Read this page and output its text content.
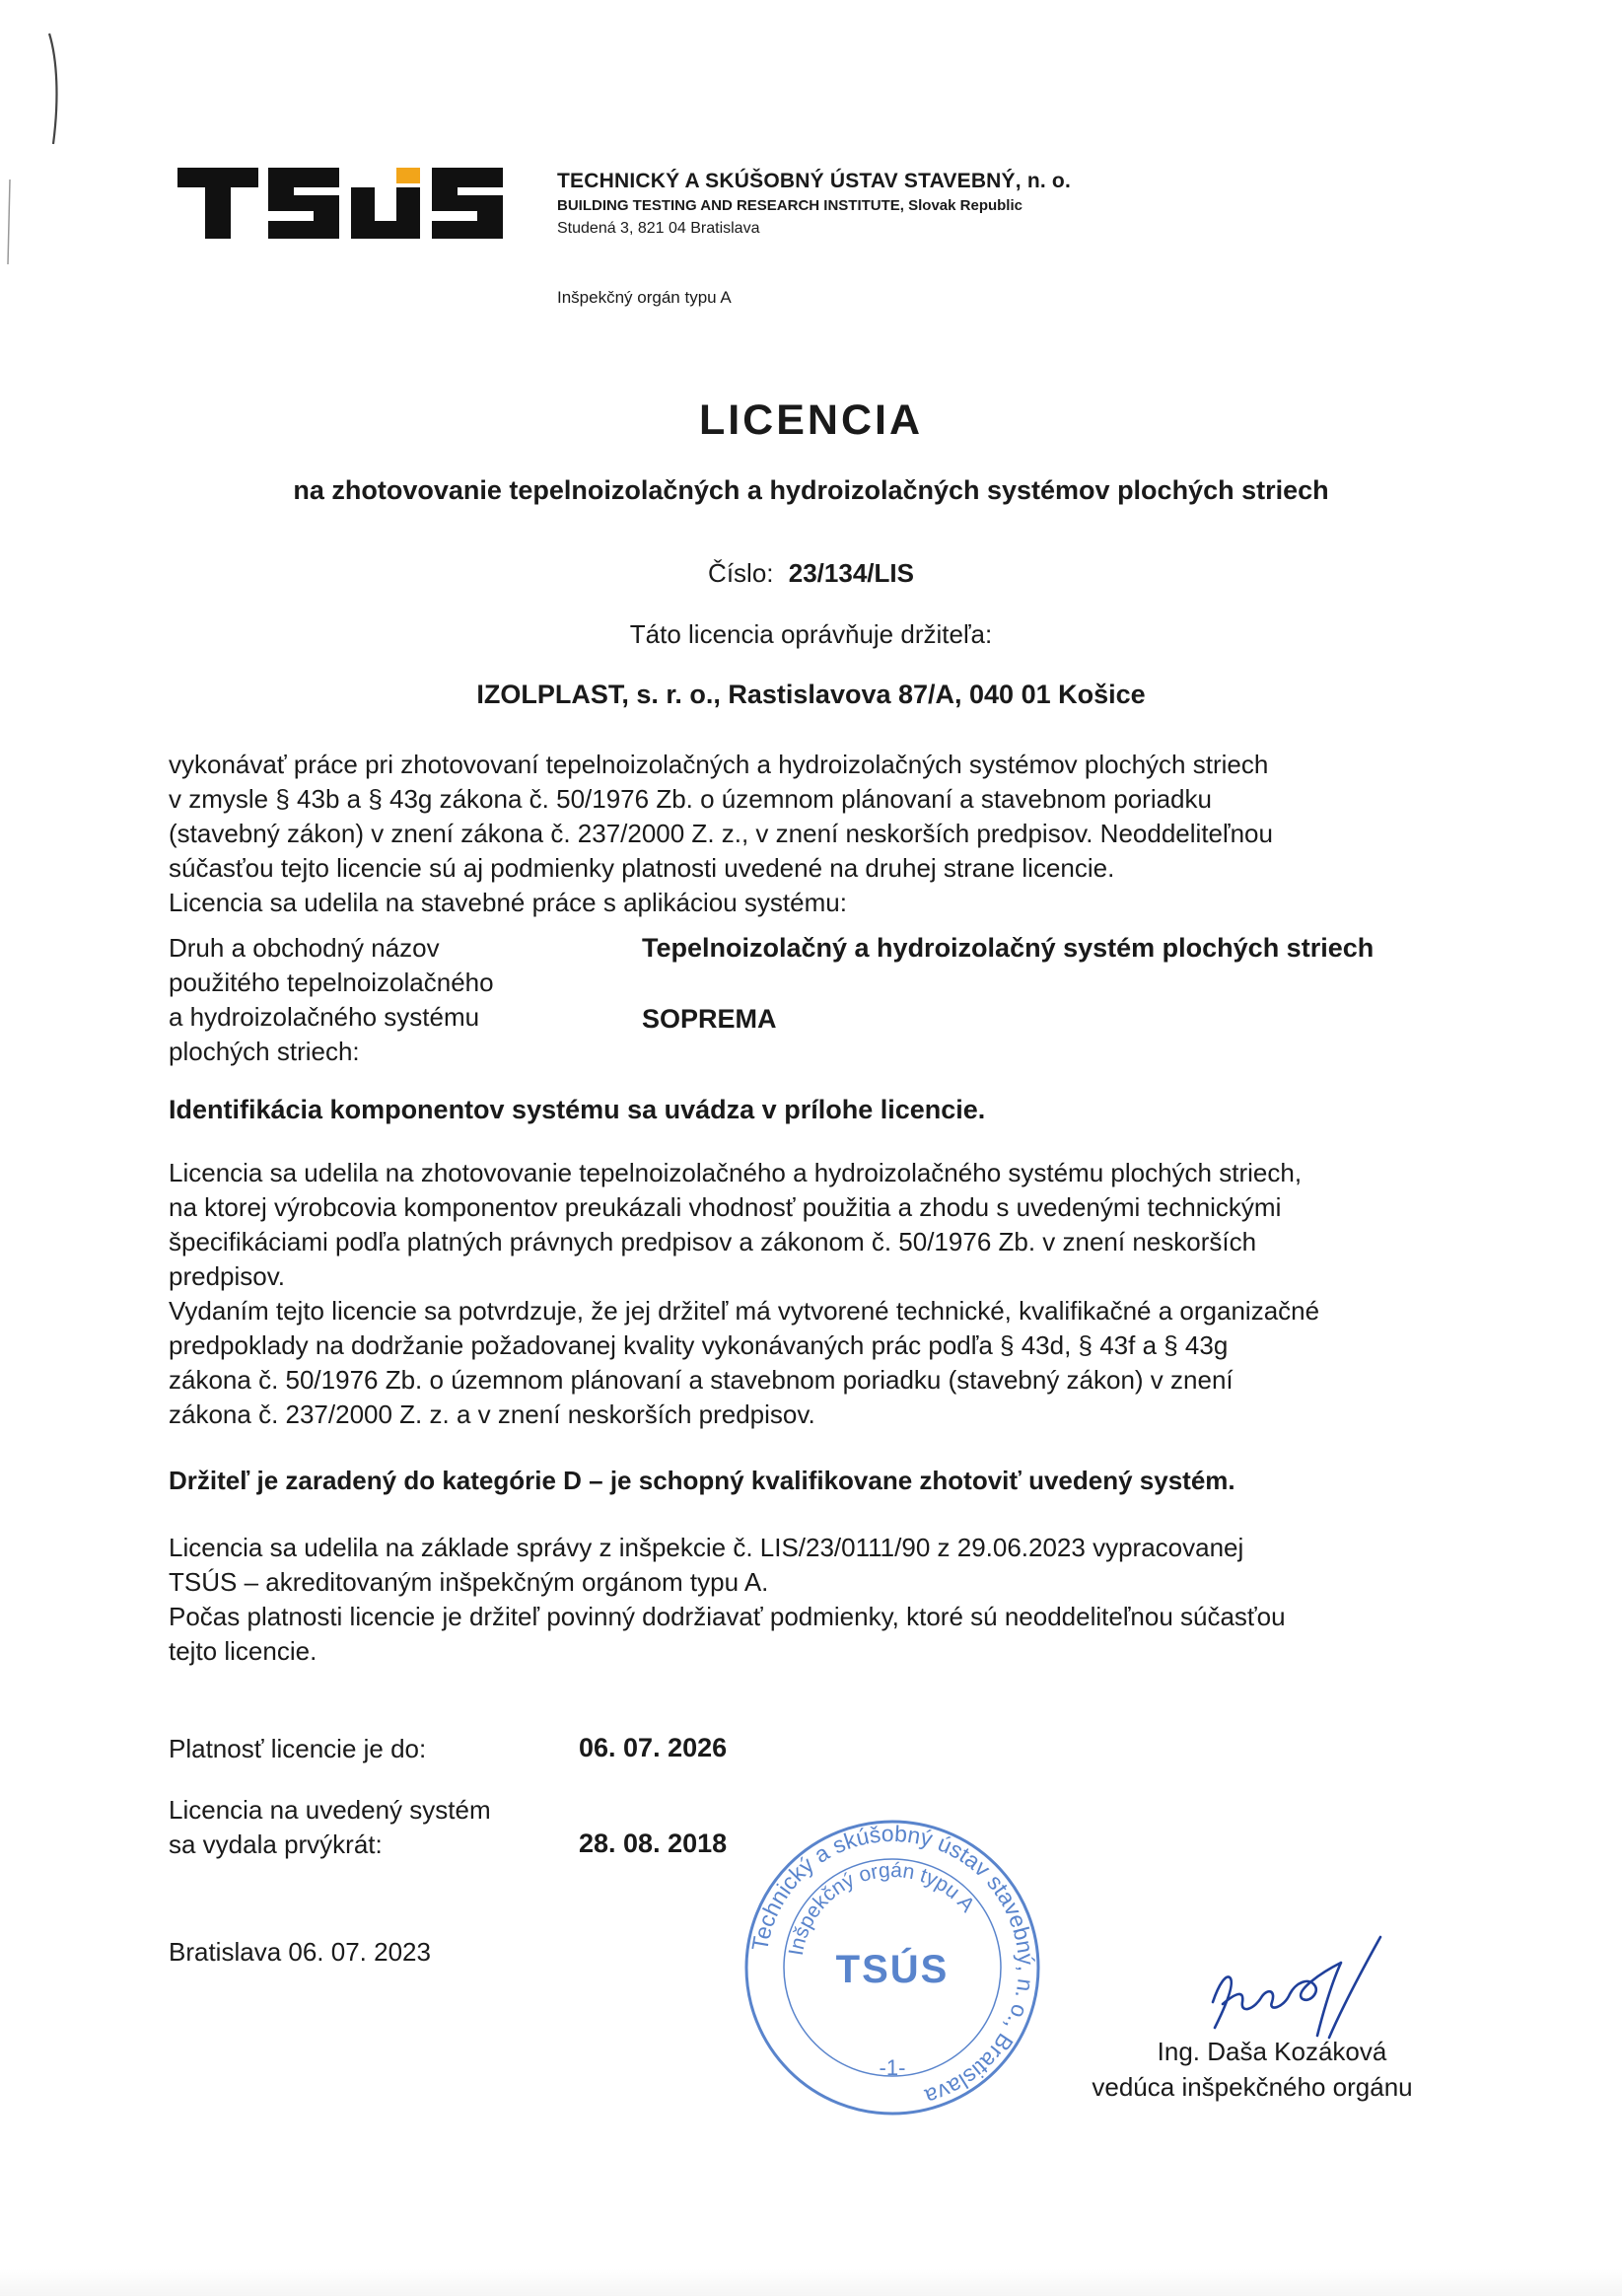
TECHNICKÝ A SKÚŠOBNÝ ÚSTAV STAVEBNÝ, n. o.
BUILDING TESTING AND RESEARCH INSTITUTE, Slovak Republic
Studená 3, 821 04 Bratislava
Inšpekčný orgán typu A
LICENCIA
na zhotovovanie tepelnoizolačných a hydroizolačných systémov plochých striech
Číslo: 23/134/LIS
Táto licencia oprávňuje držiteľa:
IZOLPLAST, s. r. o., Rastislavova 87/A, 040 01 Košice

vykonávať práce pri zhotovovaní tepelnoizolačných a hydroizolačných systémov plochých striech

v zmysle § 43b a § 43g zákona č. 50/1976 Zb. o územnom plánovaní a stavebnom poriadku

(stavebný zákon) v znení zákona č. 237/2000 Z. z., v znení neskorších predpisov. Neoddeliteľnou

súčasťou tejto licencie sú aj podmienky platnosti uvedené na druhej strane licencie.

Licencia sa udelila na stavebné práce s aplikáciou systému:

Druh a obchodný názov
použitého tepelnoizolačného
a hydroizolačného systému
plochých striech:
Tepelnoizolačný a hydroizolačný systém plochých striech
SOPREMA
Identifikácia komponentov systému sa uvádza v prílohe licencie.

Licencia sa udelila na zhotovovanie tepelnoizolačného a hydroizolačného systému plochých striech,

na ktorej výrobcovia komponentov preukázali vhodnosť použitia a zhodu s uvedenými technickými

špecifikáciami podľa platných právnych predpisov a zákonom č. 50/1976 Zb. v znení neskorších

predpisov.

Vydaním tejto licencie sa potvrdzuje, že jej držiteľ má vytvorené technické, kvalifikačné a organizačné

predpoklady na dodržanie požadovanej kvality vykonávaných prác podľa § 43d, § 43f a § 43g

zákona č. 50/1976 Zb. o územnom plánovaní a stavebnom poriadku (stavebný zákon) v znení

zákona č. 237/2000 Z. z. a v znení neskorších predpisov.

Držiteľ je zaradený do kategórie D – je schopný kvalifikovane zhotoviť uvedený systém.

Licencia sa udelila na základe správy z inšpekcie č. LIS/23/0111/90 z 29.06.2023 vypracovanej

TSÚS – akreditovaným inšpekčným orgánom typu A.

Počas platnosti licencie je držiteľ povinný dodržiavať podmienky, ktoré sú neoddeliteľnou súčasťou

tejto licencie.

Platnosť licencie je do:	06. 07. 2026
Licencia na uvedený systém
sa vydala prvýkrát:	28. 08. 2018
Bratislava 06. 07. 2023	Technický a skúšobný ústav stavebný, n. o., Bratislava
Inšpekčný orgán typu A
TSÚS
-1-
Ing. Daša Kozáková
vedúca inšpekčného orgánu
